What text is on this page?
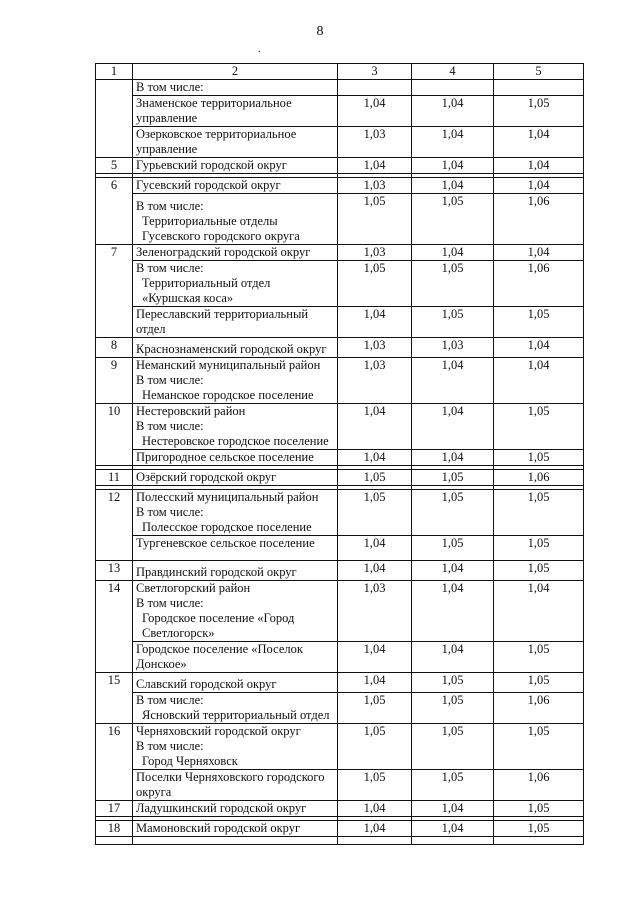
8
.
1	2	3	4	5

	В том числе:			

	Знаменское территориальное
управление	1,04	1,04	1,05

	Озерковское территориальное
управление	1,03	1,04	1,04
5	Гурьевский городской округ	1,04	1,04	1,04

6	Гусевский городской округ	1,03	1,04	1,04

	В том числе:
Территориальные отделы
Гусевского городского округа	1,05	1,05	1,06
7	Зеленоградский городской округ	1,03	1,04	1,04

	В том числе:
Территориальный отдел
«Куршская коса»	1,05	1,05	1,06

	Переславский территориальный
отдел	1,04	1,05	1,05
8	Краснознаменский городской округ	1,03	1,03	1,04
9	Неманский муниципальный район
В том числе:
Неманское городское поселение	1,03	1,04	1,04
10	Нестеровский район
В том числе:
Нестеровское городское поселение	1,04	1,04	1,05

	Пригородное сельское поселение	1,04	1,04	1,05

11	Озёрский городской округ	1,05	1,05	1,06

12	Полесский муниципальный район
В том числе:
Полесское городское поселение	1,05	1,05	1,05

	Тургеневское сельское поселение	1,04	1,05	1,05
13	Правдинский городской округ	1,04	1,04	1,05
14	Светлогорский район
В том числе:
Городское поселение «Город
Светлогорск»	1,03	1,04	1,04

	Городское поселение «Поселок
Донское»	1,04	1,04	1,05
15	Славский городской округ	1,04	1,05	1,05

	В том числе:
Ясновский территориальный отдел	1,05	1,05	1,06
16	Черняховский городской округ
В том числе:
Город Черняховск	1,05	1,05	1,05

	Поселки Черняховского городского
округа	1,05	1,05	1,06
17	Ладушкинский городской округ	1,04	1,04	1,05

18	Мамоновский городской округ	1,04	1,04	1,05
